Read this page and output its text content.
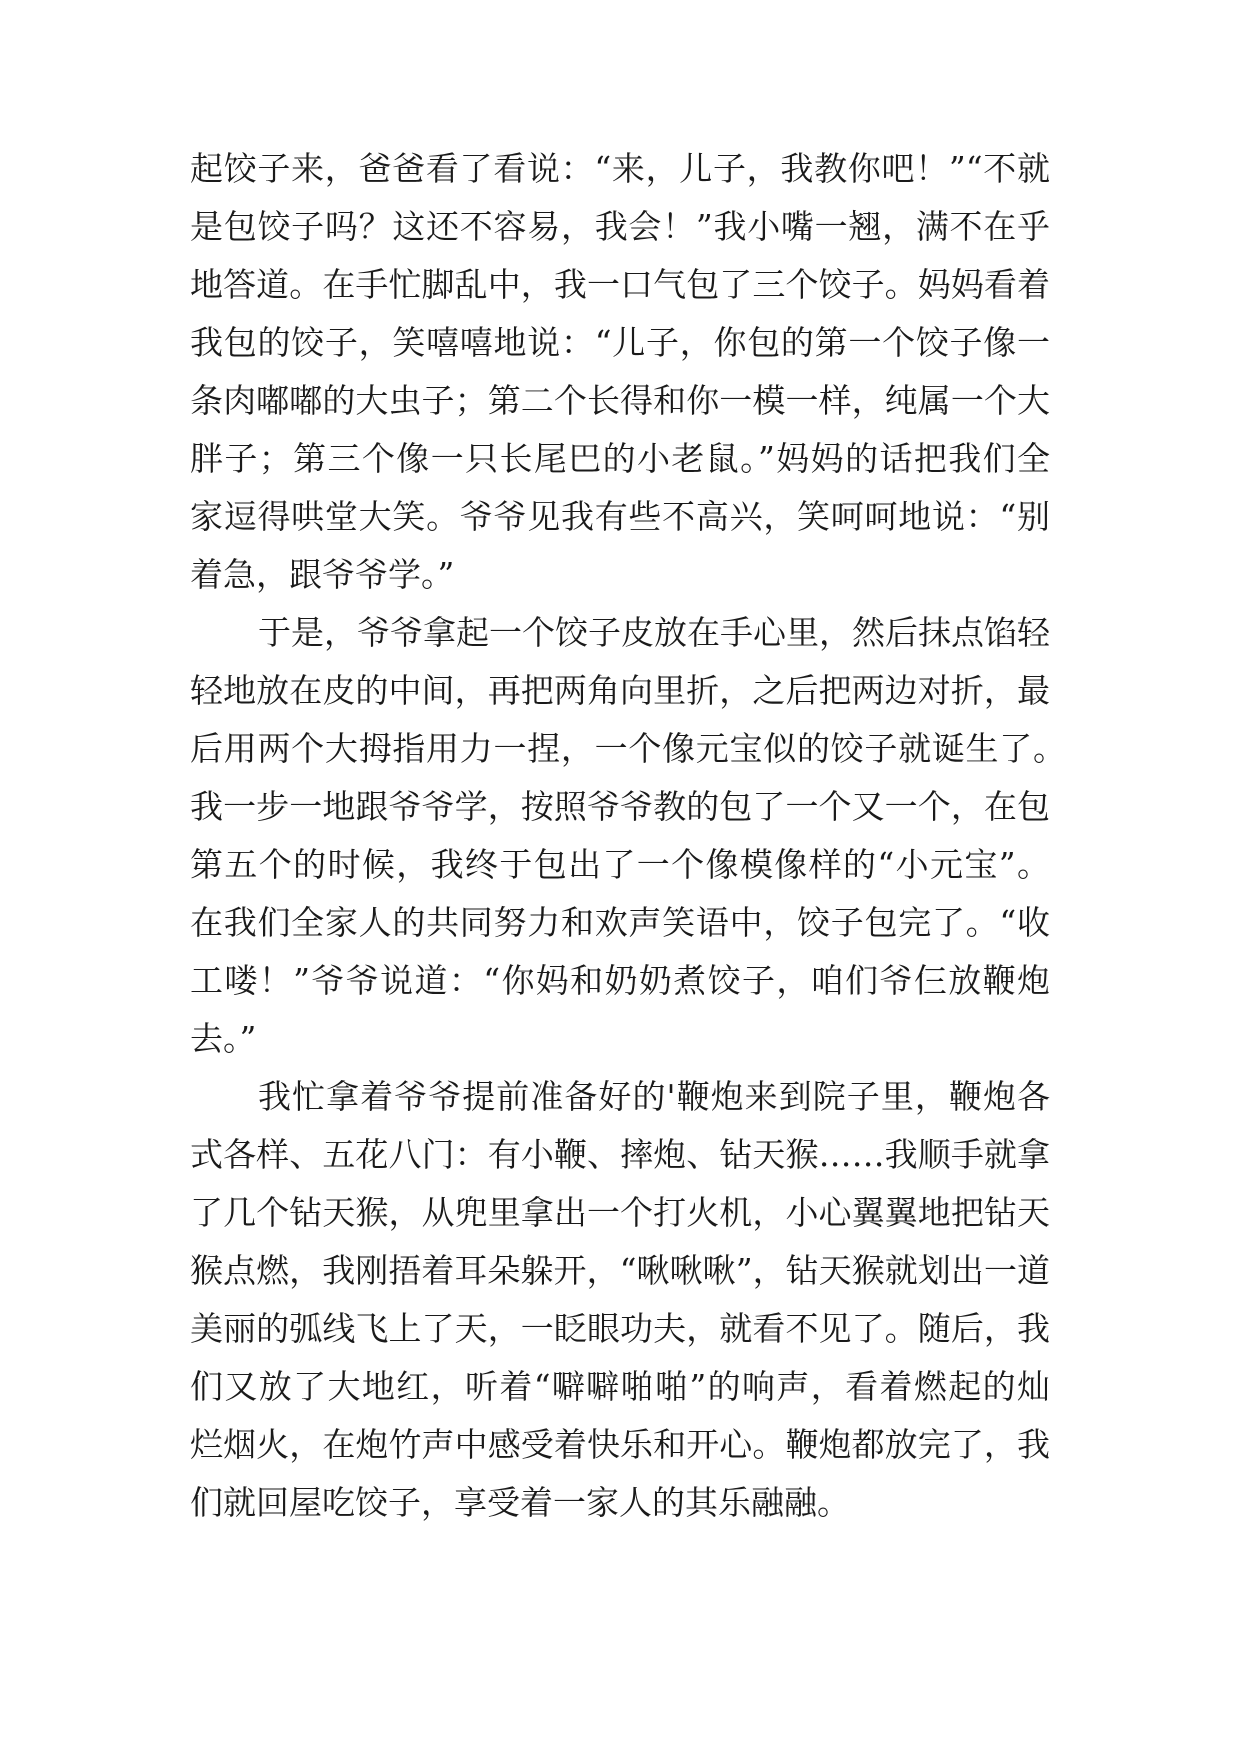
起饺子来，爸爸看了看说：“来，儿子，我教你吧！”“不就
是包饺子吗？这还不容易，我会！”我小嘴一翘，满不在乎
地答道。在手忙脚乱中，我一口气包了三个饺子。妈妈看着
我包的饺子，笑嘻嘻地说：“儿子，你包的第一个饺子像一
条肉嘟嘟的大虫子；第二个长得和你一模一样，纯属一个大
胖子；第三个像一只长尾巴的小老鼠。”妈妈的话把我们全
家逗得哄堂大笑。爷爷见我有些不高兴，笑呵呵地说：“别
着急，跟爷爷学。”
于是，爷爷拿起一个饺子皮放在手心里，然后抹点馅轻
轻地放在皮的中间，再把两角向里折，之后把两边对折，最
后用两个大拇指用力一捏，一个像元宝似的饺子就诞生了。
我一步一地跟爷爷学，按照爷爷教的包了一个又一个，在包
第五个的时候，我终于包出了一个像模像样的“小元宝”。
在我们全家人的共同努力和欢声笑语中，饺子包完了。“收
工喽！”爷爷说道：“你妈和奶奶煮饺子，咱们爷仨放鞭炮
去。”
我忙拿着爷爷提前准备好的'鞭炮来到院子里，鞭炮各
式各样、五花八门：有小鞭、摔炮、钻天猴……我顺手就拿
了几个钻天猴，从兜里拿出一个打火机，小心翼翼地把钻天
猴点燃，我刚捂着耳朵躲开，“啾啾啾”，钻天猴就划出一道
美丽的弧线飞上了天，一眨眼功夫，就看不见了。随后，我
们又放了大地红，听着“噼噼啪啪”的响声，看着燃起的灿
烂烟火，在炮竹声中感受着快乐和开心。鞭炮都放完了，我
们就回屋吃饺子，享受着一家人的其乐融融。
